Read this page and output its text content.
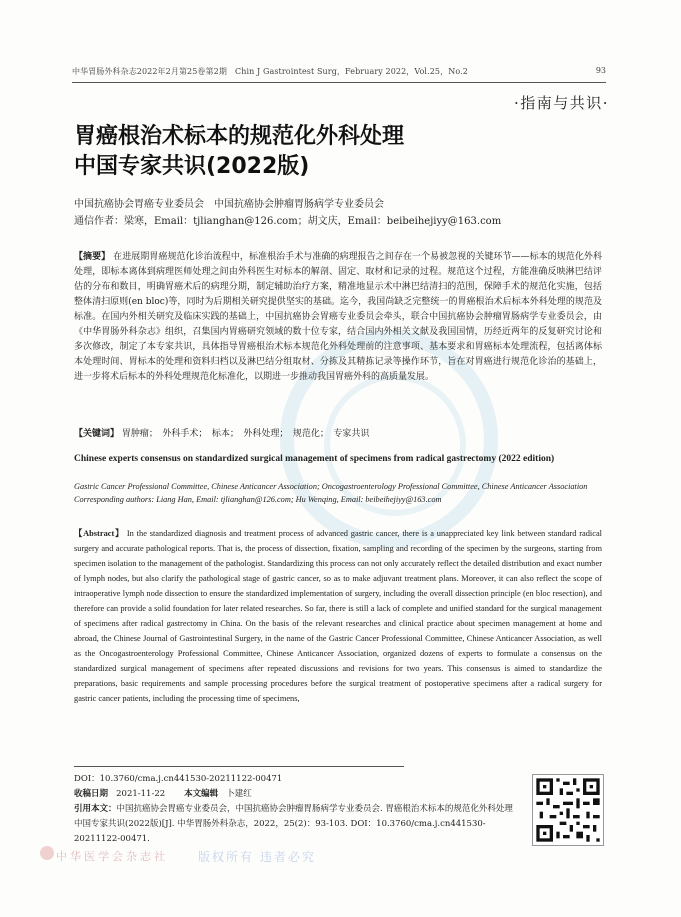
中华胃肠外科杂志2022年2月第25卷第2期　Chin J Gastrointest Surg，February 2022，Vol.25，No.2	93
·指南与共识·
胃癌根治术标本的规范化外科处理
中国专家共识(2022版)
中国抗癌协会胃癌专业委员会　中国抗癌协会肿瘤胃肠病学专业委员会
通信作者：梁寒，Email：tjlianghan@126.com；胡文庆，Email：beibeihejiyy@163.com
【摘要】 在进展期胃癌规范化诊治流程中，标准根治手术与准确的病理报告之间存在一个易被忽视的关键环节——标本的规范化外科处理，即标本离体到病理医师处理之间由外科医生对标本的解剖、固定、取材和记录的过程。规范这个过程，方能准确反映淋巴结评估的分布和数目，明确胃癌术后的病理分期，制定辅助治疗方案，精准地显示术中淋巴结清扫的范围，保障手术的规范化实施，包括整体清扫原则(en bloc)等，同时为后期相关研究提供坚实的基础。迄今，我国尚缺乏完整统一的胃癌根治术后标本外科处理的规范及标准。在国内外相关研究及临床实践的基础上，中国抗癌协会胃癌专业委员会牵头，联合中国抗癌协会肿瘤胃肠病学专业委员会，由《中华胃肠外科杂志》组织，召集国内胃癌研究领域的数十位专家，结合国内外相关文献及我国国情，历经近两年的反复研究讨论和多次修改，制定了本专家共识，具体指导胃癌根治术标本规范化外科处理前的注意事项、基本要求和胃癌标本处理流程，包括离体标本处理时间、胃标本的处理和资料归档以及淋巴结分组取材、分拣及其精拣记录等操作环节，旨在对胃癌进行规范化诊治的基础上，进一步将术后标本的外科处理规范化标准化，以期进一步推动我国胃癌外科的高质量发展。
【关键词】 胃肿瘤；　外科手术；　标本；　外科处理；　规范化；　专家共识
Chinese experts consensus on standardized surgical management of specimens from radical gastrectomy (2022 edition)
Gastric Cancer Professional Committee, Chinese Anticancer Association; Oncogastroenterology Professional Committee, Chinese Anticancer Association
Corresponding authors: Liang Han, Email: tjlianghan@126.com; Hu Wenqing, Email: beibeihejiyy@163.com

【Abstract】 In the standardized diagnosis and treatment process of advanced gastric cancer, there is a unappreciated key link between standard radical surgery and accurate pathological reports. That is, the process of dissection, fixation, sampling and recording of the specimen by the surgeons, starting from specimen isolation to the management of the pathologist. Standardizing this process can not only accurately reflect the detailed distribution and exact number of lymph nodes, but also clarify the pathological stage of gastric cancer, so as to make adjuvant treatment plans. Moreover, it can also reflect the scope of intraoperative lymph node dissection to ensure the standardized implementation of surgery, including the overall dissection principle (en bloc resection), and therefore can provide a solid foundation for later related researches. So far, there is still a lack of complete and unified standard for the surgical management of specimens after radical gastrectomy in China. On the basis of the relevant researches and clinical practice about specimen management at home and abroad, the Chinese Journal of Gastrointestinal Surgery, in the name of the Gastric Cancer Professional Committee, Chinese Anticancer Association, as well as the Oncogastroenterology Professional Committee, Chinese Anticancer Association, organized dozens of experts to formulate a consensus on the standardized surgical management of specimens after repeated discussions and revisions for two years. This consensus is aimed to standardize the preparations, basic requirements and sample processing procedures before the surgical treatment of postoperative specimens after a radical surgery for gastric cancer patients, including the processing time of specimens,

DOI：10.3760/cma.j.cn441530-20211122-00471
收稿日期 2021-11-22 本文编辑 卜建红
引用本文：中国抗癌协会胃癌专业委员会，中国抗癌协会肿瘤胃肠病学专业委员会. 胃癌根治术标本的规范化外科处理中国专家共识(2022版)[J]. 中华胃肠外科杂志，2022，25(2)：93-103. DOI：10.3760/cma.j.cn441530-20211122-00471.
中华医学会杂志社	版权所有 违者必究
